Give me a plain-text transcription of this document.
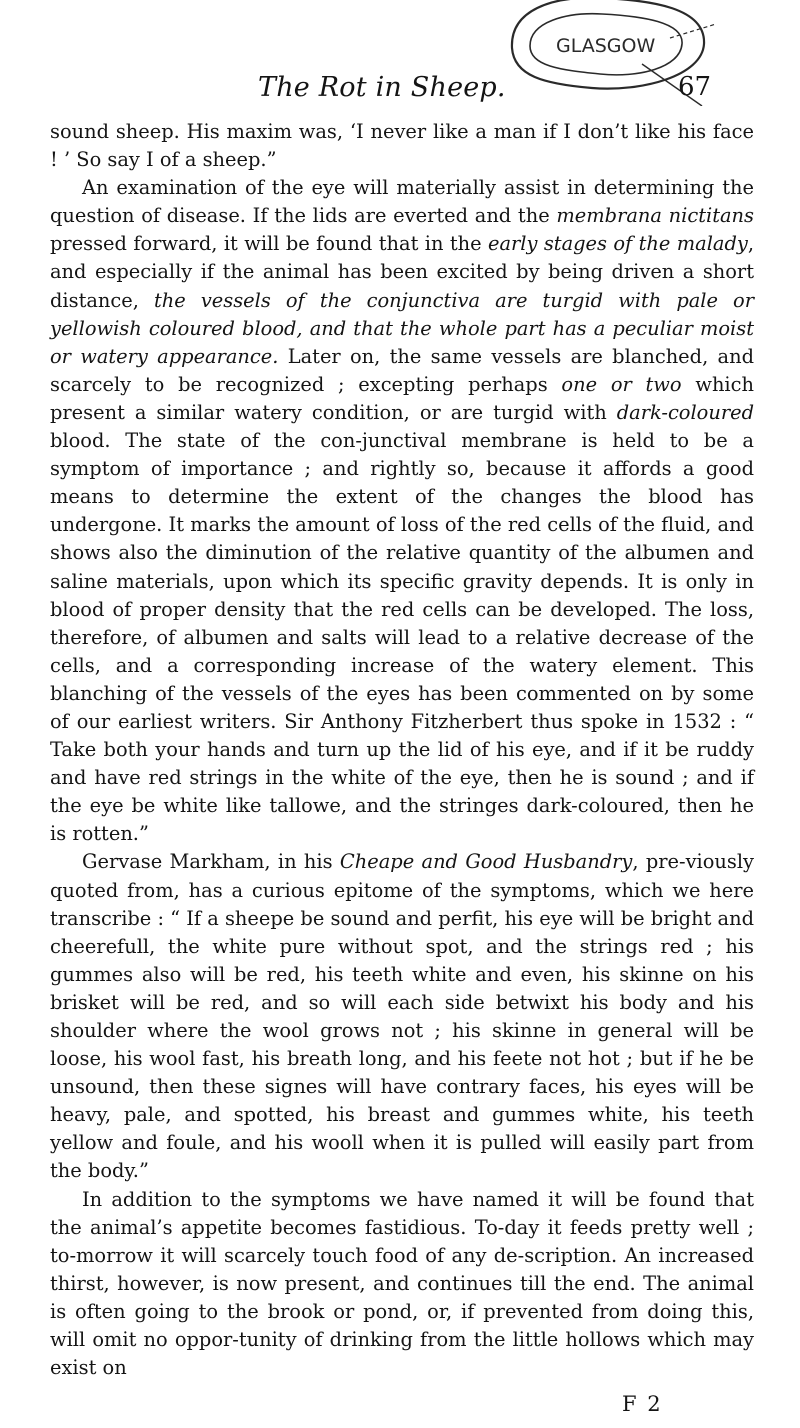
GLASGOW
The Rot in Sheep.	67

sound sheep. His maxim was, ‘I never like a man if I don’t like his face ! ’ So say I of a sheep.”

An examination of the eye will materially assist in determining the question of disease. If the lids are everted and the membrana nictitans pressed forward, it will be found that in the early stages of the malady, and especially if the animal has been excited by being driven a short distance, the vessels of the conjunctiva are turgid with pale or yellowish coloured blood, and that the whole part has a peculiar moist or watery appearance. Later on, the same vessels are blanched, and scarcely to be recognized ; excepting perhaps one or two which present a similar watery condition, or are turgid with dark-coloured blood. The state of the con-junctival membrane is held to be a symptom of importance ; and rightly so, because it affords a good means to determine the extent of the changes the blood has undergone. It marks the amount of loss of the red cells of the fluid, and shows also the diminution of the relative quantity of the albumen and saline materials, upon which its specific gravity depends. It is only in blood of proper density that the red cells can be developed. The loss, therefore, of albumen and salts will lead to a relative decrease of the cells, and a corresponding increase of the watery element. This blanching of the vessels of the eyes has been commented on by some of our earliest writers. Sir Anthony Fitzherbert thus spoke in 1532 : “ Take both your hands and turn up the lid of his eye, and if it be ruddy and have red strings in the white of the eye, then he is sound ; and if the eye be white like tallowe, and the stringes dark-coloured, then he is rotten.”

Gervase Markham, in his Cheape and Good Husbandry, pre-viously quoted from, has a curious epitome of the symptoms, which we here transcribe : “ If a sheepe be sound and perfit, his eye will be bright and cheerefull, the white pure without spot, and the strings red ; his gummes also will be red, his teeth white and even, his skinne on his brisket will be red, and so will each side betwixt his body and his shoulder where the wool grows not ; his skinne in general will be loose, his wool fast, his breath long, and his feete not hot ; but if he be unsound, then these signes will have contrary faces, his eyes will be heavy, pale, and spotted, his breast and gummes white, his teeth yellow and foule, and his wooll when it is pulled will easily part from the body.”

In addition to the symptoms we have named it will be found that the animal’s appetite becomes fastidious. To-day it feeds pretty well ; to-morrow it will scarcely touch food of any de-scription. An increased thirst, however, is now present, and continues till the end. The animal is often going to the brook or pond, or, if prevented from doing this, will omit no oppor-tunity of drinking from the little hollows which may exist on

F 2
